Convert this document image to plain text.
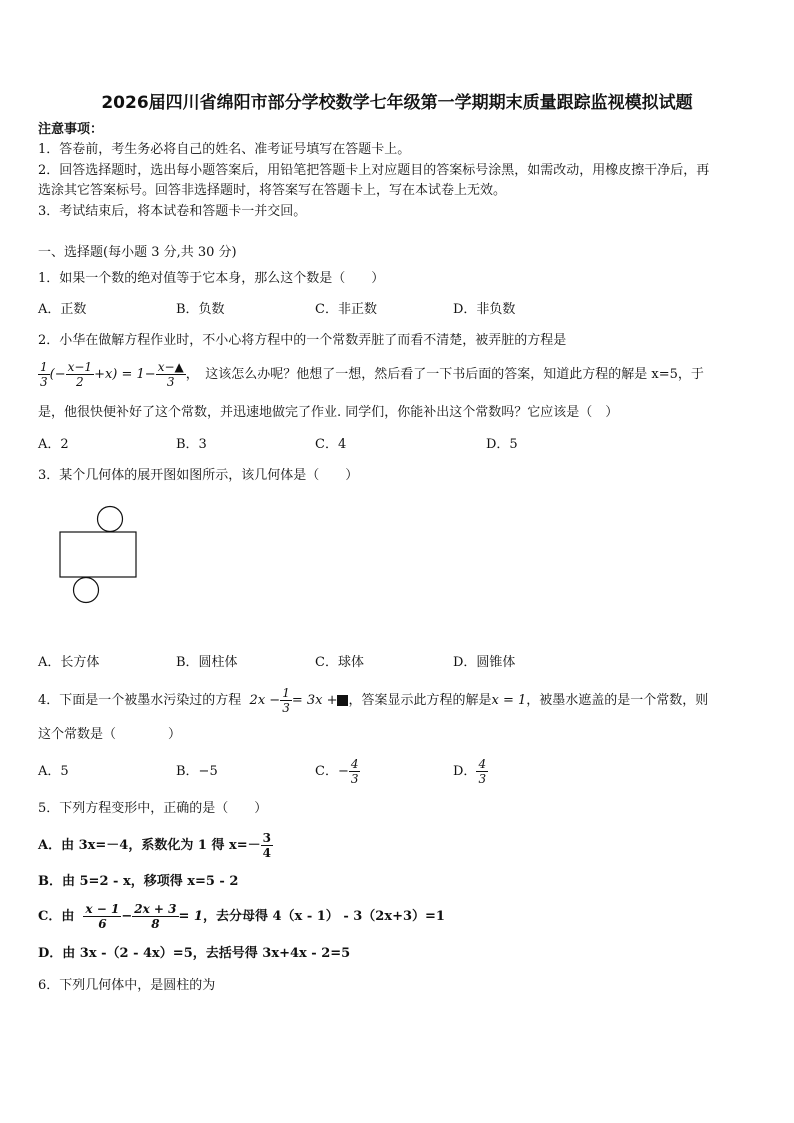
2026届四川省绵阳市部分学校数学七年级第一学期期末质量跟踪监视模拟试题
注意事项：
1．答卷前，考生务必将自己的姓名、准考证号填写在答题卡上。
2．回答选择题时，选出每小题答案后，用铅笔把答题卡上对应题目的答案标号涂黑，如需改动，用橡皮擦干净后，再
选涂其它答案标号。回答非选择题时，将答案写在答题卡上，写在本试卷上无效。
3．考试结束后，将本试卷和答题卡一并交回。
一、选择题(每小题 3 分,共 30 分)
1．如果一个数的绝对值等于它本身，那么这个数是（　　）
A．正数	B．负数	C．非正数	D．非负数
2．小华在做解方程作业时，不小心将方程中的一个常数弄脏了而看不清楚，被弄脏的方程是
$\frac{1}{3}$ (− $\frac{x-1}{2} +x) = 1- \frac{x-▲}{3}$ ，　这该怎么办呢？他想了一想，然后看了一下书后面的答案，知道此方程的解是 x=5，于
是，他很快便补好了这个常数，并迅速地做完了作业. 同学们，你能补出这个常数吗？它应该是（　）
A．2	B．3	C．4	D．5
3．某个几何体的展开图如图所示，该几何体是（　　）
A．长方体	B．圆柱体	C．球体	D．圆锥体
4．下面是一个被墨水污染过的方程 $2x - \frac{1}{3} = 3x$ + ，答案显示此方程的解是x = 1，被墨水遮盖的是一个常数，则
这个常数是（　　　　）
A．5	B．−5	C．− $\frac{4}{3}$	D． $\frac{4}{3}$
5．下列方程变形中，正确的是（　　）
A．由 3x=－4，系数化为 1 得 $x=- \frac{3}{4}$
B．由 5=2 - x，移项得 x=5 - 2
C．由 $\frac{x - 1}{6} - \frac{2x + 3}{8} = 1$，去分母得 4（x - 1） - 3（2x+3）=1
D．由 3x -（2 - 4x）=5，去括号得 3x+4x - 2=5
6．下列几何体中，是圆柱的为
